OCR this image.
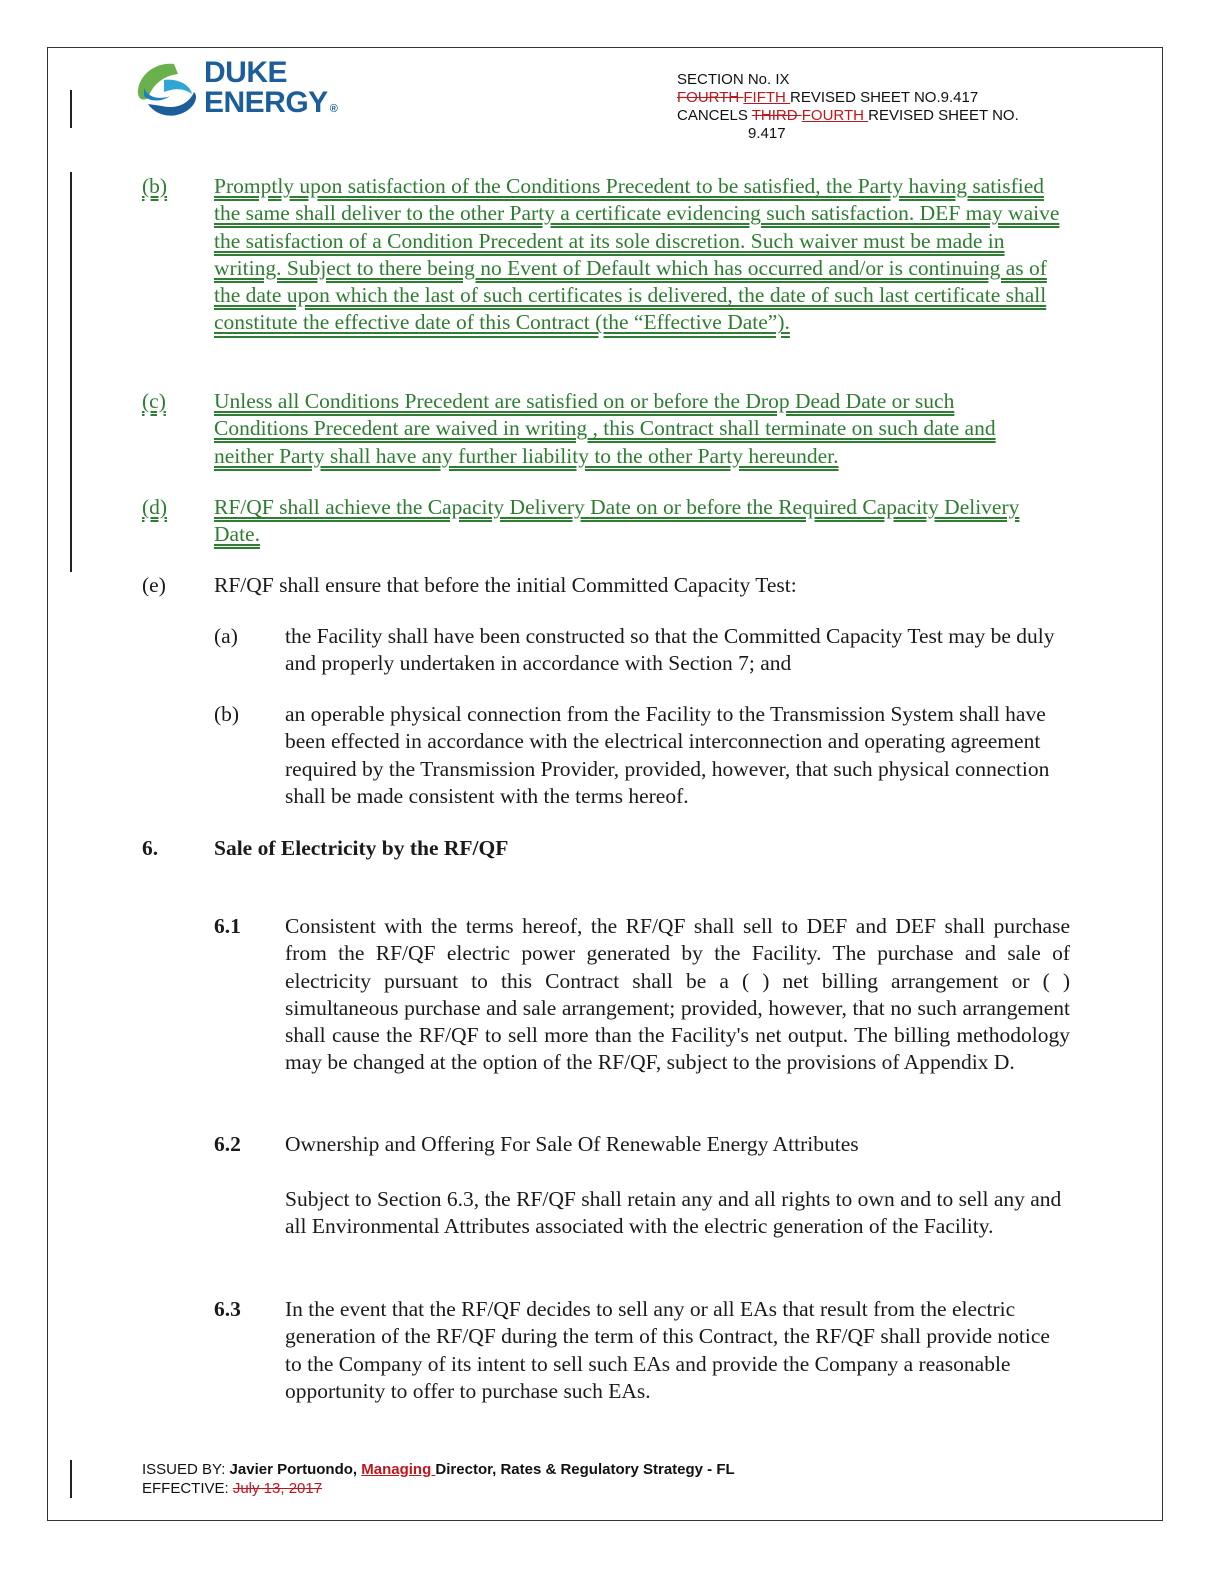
DUKE
ENERGY ®
SECTION No. IX
FOURTH FIFTH REVISED SHEET NO.9.417
CANCELS THIRD FOURTH REVISED SHEET NO.
9.417
(b)	Promptly upon satisfaction of the Conditions Precedent to be satisfied, the Party having satisfied the same shall deliver to the other Party a certificate evidencing such satisfaction. DEF may waive the satisfaction of a Condition Precedent at its sole discretion. Such waiver must be made in writing. Subject to there being no Event of Default which has occurred and/or is continuing as of the date upon which the last of such certificates is delivered, the date of such last certificate shall constitute the effective date of this Contract (the “Effective Date”).
(c)	Unless all Conditions Precedent are satisfied on or before the Drop Dead Date or such Conditions Precedent are waived in writing , this Contract shall terminate on such date and neither Party shall have any further liability to the other Party hereunder.
(d)	RF/QF shall achieve the Capacity Delivery Date on or before the Required Capacity Delivery Date.
(e) RF/QF shall ensure that before the initial Committed Capacity Test:
(a) the Facility shall have been constructed so that the Committed Capacity Test may be duly and properly undertaken in accordance with Section 7; and
(b) an operable physical connection from the Facility to the Transmission System shall have been effected in accordance with the electrical interconnection and operating agreement required by the Transmission Provider, provided, however, that such physical connection shall be made consistent with the terms hereof.
6.	Sale of Electricity by the RF/QF
6.1 Consistent with the terms hereof, the RF/QF shall sell to DEF and DEF shall purchase from the RF/QF electric power generated by the Facility. The purchase and sale of electricity pursuant to this Contract shall be a ( ) net billing arrangement or ( ) simultaneous purchase and sale arrangement; provided, however, that no such arrangement shall cause the RF/QF to sell more than the Facility's net output. The billing methodology may be changed at the option of the RF/QF, subject to the provisions of Appendix D.
6.2 Ownership and Offering For Sale Of Renewable Energy Attributes
Subject to Section 6.3, the RF/QF shall retain any and all rights to own and to sell any and all Environmental Attributes associated with the electric generation of the Facility.
6.3 In the event that the RF/QF decides to sell any or all EAs that result from the electric generation of the RF/QF during the term of this Contract, the RF/QF shall provide notice to the Company of its intent to sell such EAs and provide the Company a reasonable opportunity to offer to purchase such EAs.
ISSUED BY: Javier Portuondo, Managing Director, Rates & Regulatory Strategy - FL
EFFECTIVE: July 13, 2017
